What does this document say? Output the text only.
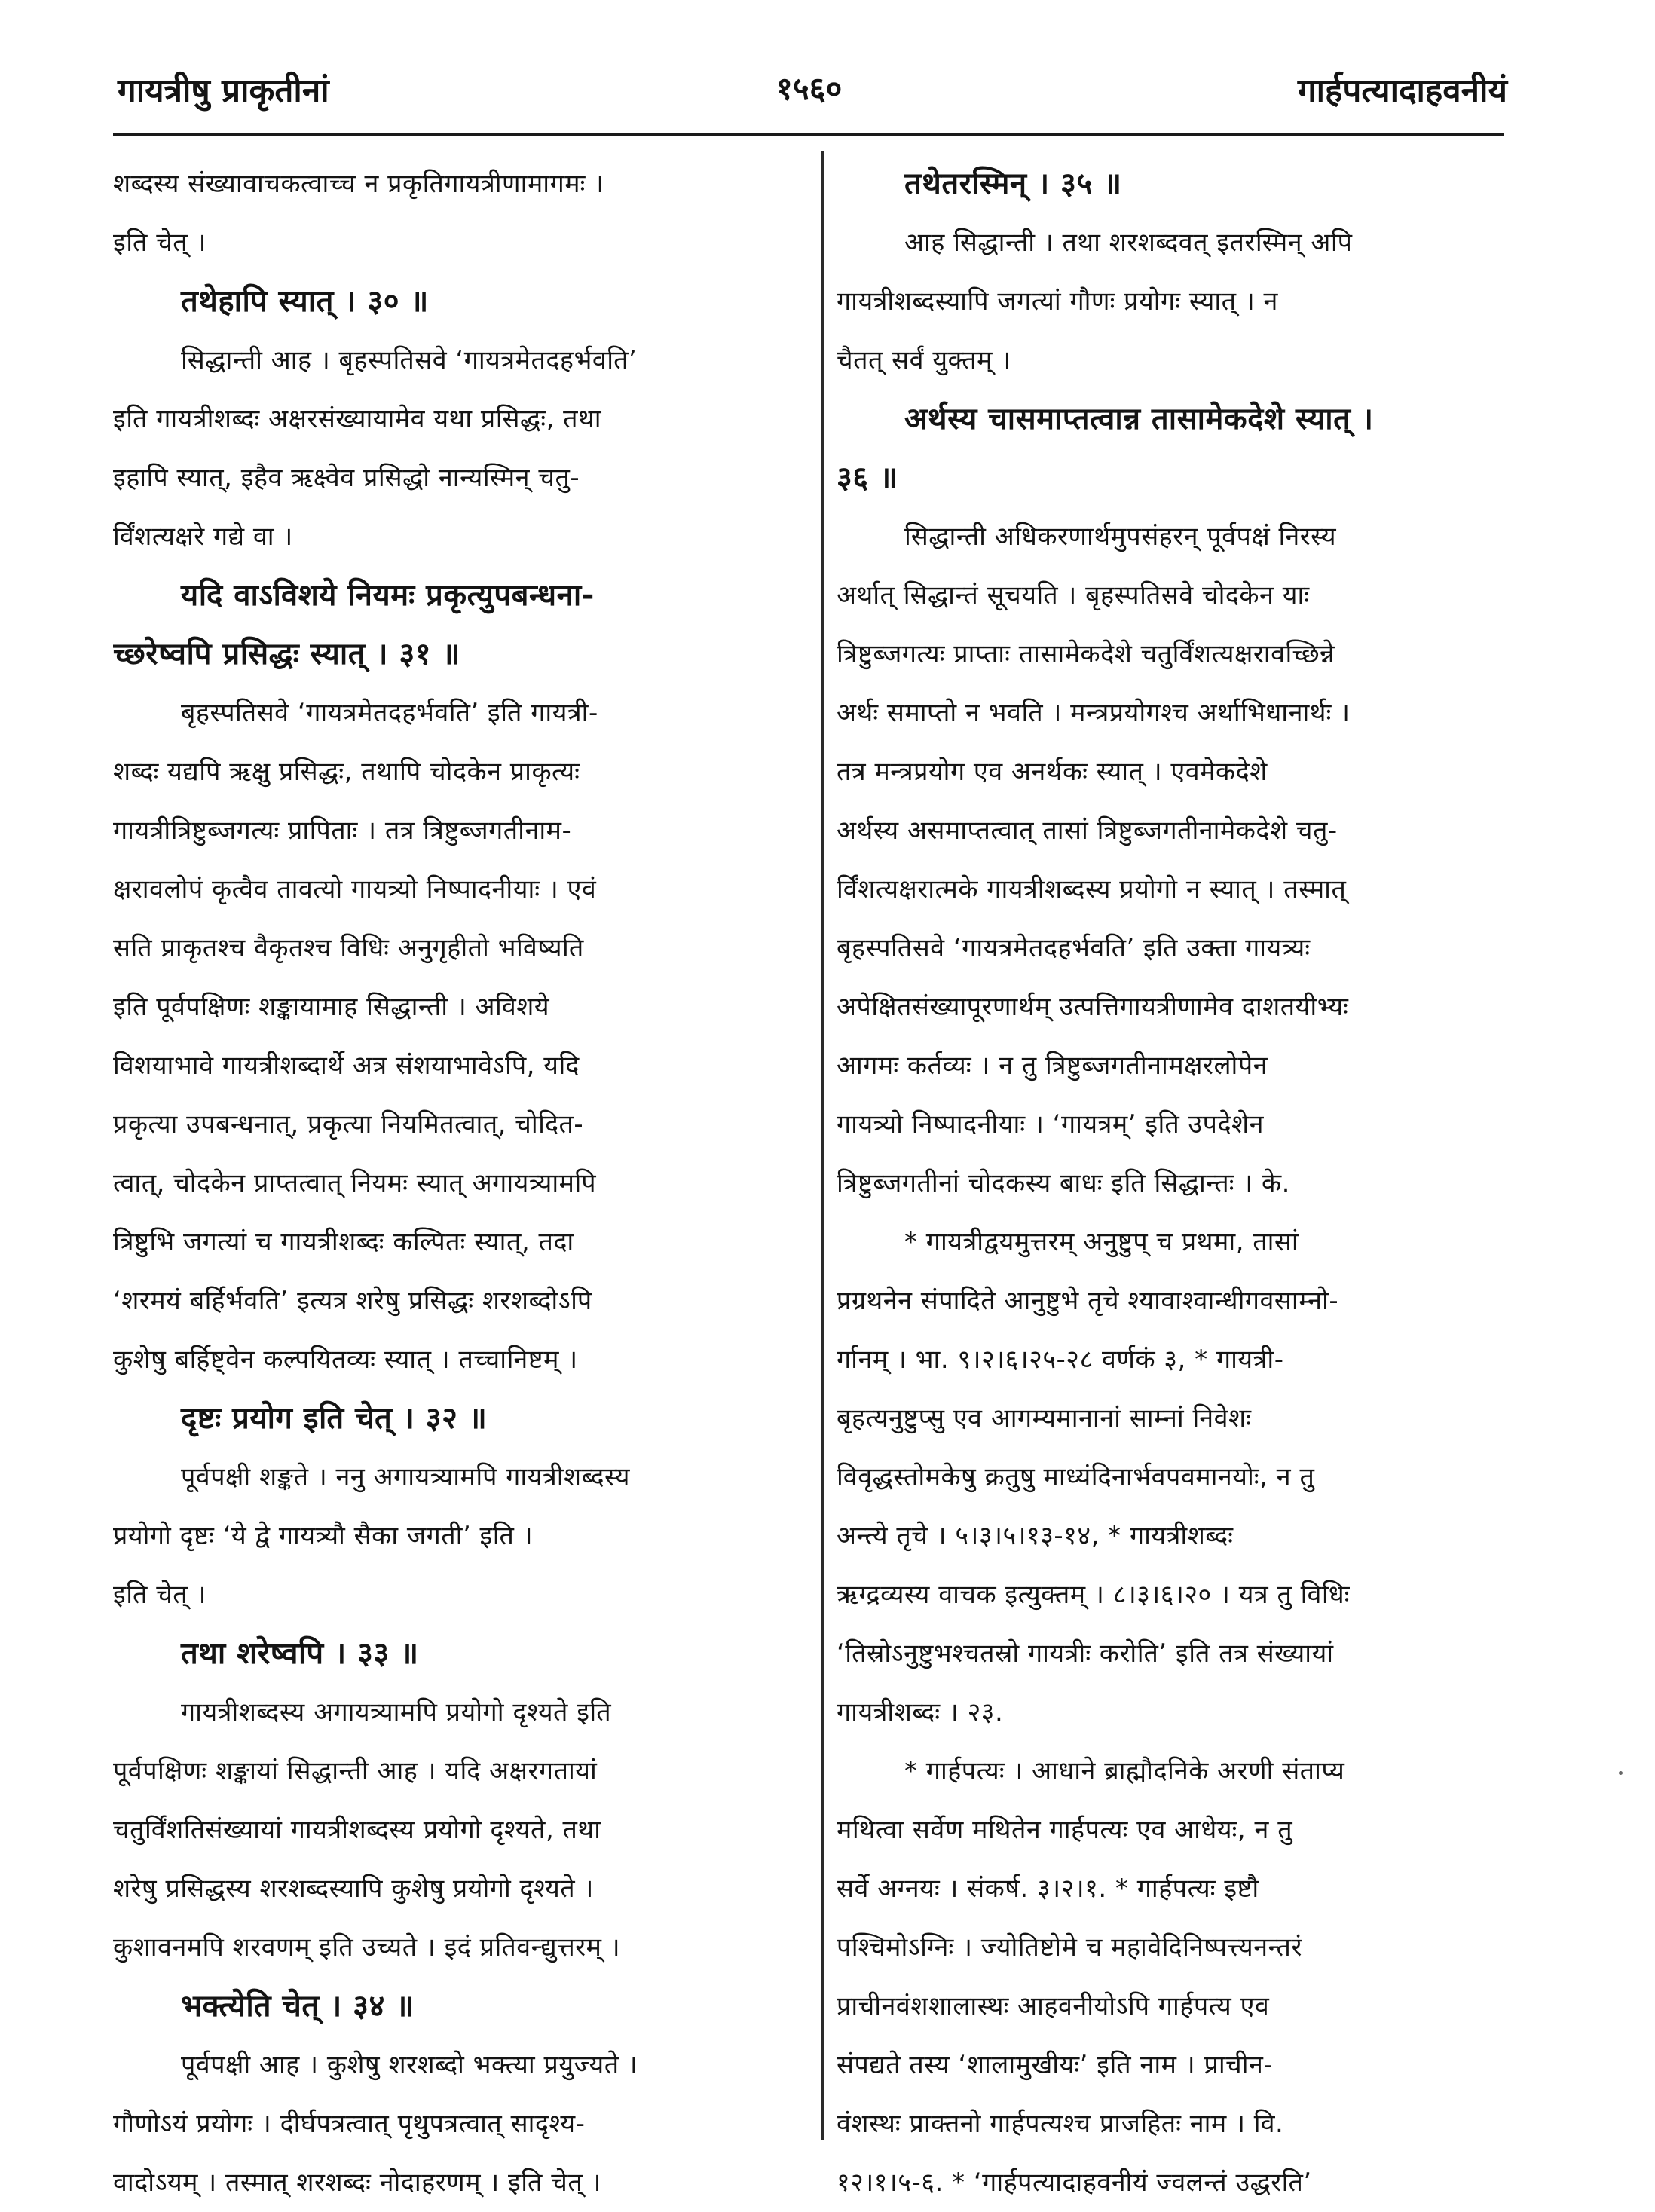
गायत्रीषु प्राकृतीनां	१५६०	गार्हपत्यादाहवनीयं
शब्दस्य संख्यावाचकत्वाच्च न प्रकृतिगायत्रीणामागमः ।
इति चेत् ।
तथेहापि स्यात् । ३० ॥
सिद्धान्ती आह । बृहस्पतिसवे ‘गायत्रमेतदहर्भवति’
इति गायत्रीशब्दः अक्षरसंख्यायामेव यथा प्रसिद्धः, तथा
इहापि स्यात्, इहैव ऋक्ष्वेव प्रसिद्धो नान्यस्मिन् चतु-
र्विंशत्यक्षरे गद्ये वा ।
यदि वाऽविशये नियमः प्रकृत्युपबन्धना-
च्छरेष्वपि प्रसिद्धः स्यात् । ३१ ॥
बृहस्पतिसवे ‘गायत्रमेतदहर्भवति’ इति गायत्री-
शब्दः यद्यपि ऋक्षु प्रसिद्धः, तथापि चोदकेन प्राकृत्यः
गायत्रीत्रिष्टुब्जगत्यः प्रापिताः । तत्र त्रिष्टुब्जगतीनाम-
क्षरावलोपं कृत्वैव तावत्यो गायत्र्यो निष्पादनीयाः । एवं
सति प्राकृतश्च वैकृतश्च विधिः अनुगृहीतो भविष्यति
इति पूर्वपक्षिणः शङ्कायामाह सिद्धान्ती । अविशये
विशयाभावे गायत्रीशब्दार्थे अत्र संशयाभावेऽपि, यदि
प्रकृत्या उपबन्धनात्, प्रकृत्या नियमितत्वात्, चोदित-
त्वात्, चोदकेन प्राप्तत्वात् नियमः स्यात् अगायत्र्यामपि
त्रिष्टुभि जगत्यां च गायत्रीशब्दः कल्पितः स्यात्, तदा
‘शरमयं बर्हिर्भवति’ इत्यत्र शरेषु प्रसिद्धः शरशब्दोऽपि
कुशेषु बर्हिष्ट्वेन कल्पयितव्यः स्यात् । तच्चानिष्टम् ।
दृष्टः प्रयोग इति चेत् । ३२ ॥
पूर्वपक्षी शङ्कते । ननु अगायत्र्यामपि गायत्रीशब्दस्य
प्रयोगो दृष्टः ‘ये द्वे गायत्र्यौ सैका जगती’ इति ।
इति चेत् ।
तथा शरेष्वपि । ३३ ॥
गायत्रीशब्दस्य अगायत्र्यामपि प्रयोगो दृश्यते इति
पूर्वपक्षिणः शङ्कायां सिद्धान्ती आह । यदि अक्षरगतायां
चतुर्विंशतिसंख्यायां गायत्रीशब्दस्य प्रयोगो दृश्यते, तथा
शरेषु प्रसिद्धस्य शरशब्दस्यापि कुशेषु प्रयोगो दृश्यते ।
कुशावनमपि शरवणम् इति उच्यते । इदं प्रतिवन्द्युत्तरम् ।
भक्त्येति चेत् । ३४ ॥
पूर्वपक्षी आह । कुशेषु शरशब्दो भक्त्या प्रयुज्यते ।
गौणोऽयं प्रयोगः । दीर्घपत्रत्वात् पृथुपत्रत्वात् सादृश्य-
वादोऽयम् । तस्मात् शरशब्दः नोदाहरणम् । इति चेत् ।
तथेतरस्मिन् । ३५ ॥
आह सिद्धान्ती । तथा शरशब्दवत् इतरस्मिन् अपि
गायत्रीशब्दस्यापि जगत्यां गौणः प्रयोगः स्यात् । न
चैतत् सर्वं युक्तम् ।
अर्थस्य चासमाप्तत्वान्न तासामेकदेशे स्यात् ।
३६ ॥
सिद्धान्ती अधिकरणार्थमुपसंहरन् पूर्वपक्षं निरस्य
अर्थात् सिद्धान्तं सूचयति । बृहस्पतिसवे चोदकेन याः
त्रिष्टुब्जगत्यः प्राप्ताः तासामेकदेशे चतुर्विंशत्यक्षरावच्छिन्ने
अर्थः समाप्तो न भवति । मन्त्रप्रयोगश्च अर्थाभिधानार्थः ।
तत्र मन्त्रप्रयोग एव अनर्थकः स्यात् । एवमेकदेशे
अर्थस्य असमाप्तत्वात् तासां त्रिष्टुब्जगतीनामेकदेशे चतु-
र्विंशत्यक्षरात्मके गायत्रीशब्दस्य प्रयोगो न स्यात् । तस्मात्
बृहस्पतिसवे ‘गायत्रमेतदहर्भवति’ इति उक्ता गायत्र्यः
अपेक्षितसंख्यापूरणार्थम् उत्पत्तिगायत्रीणामेव दाशतयीभ्यः
आगमः कर्तव्यः । न तु त्रिष्टुब्जगतीनामक्षरलोपेन
गायत्र्यो निष्पादनीयाः । ‘गायत्रम्’ इति उपदेशेन
त्रिष्टुब्जगतीनां चोदकस्य बाधः इति सिद्धान्तः । के.
* गायत्रीद्वयमुत्तरम् अनुष्टुप् च प्रथमा, तासां
प्रग्रथनेन संपादिते आनुष्टुभे तृचे श्यावाश्वान्धीगवसाम्नो-
र्गानम् । भा. ९।२।६।२५-२८ वर्णकं ३, * गायत्री-
बृहत्यनुष्टुप्सु एव आगम्यमानानां साम्नां निवेशः
विवृद्धस्तोमकेषु क्रतुषु माध्यंदिनार्भवपवमानयोः, न तु
अन्त्ये तृचे । ५।३।५।१३-१४, * गायत्रीशब्दः
ऋग्द्रव्यस्य वाचक इत्युक्तम् । ८।३।६।२० । यत्र तु विधिः
‘तिस्रोऽनुष्टुभश्चतस्रो गायत्रीः करोति’ इति तत्र संख्यायां
गायत्रीशब्दः । २३.
* गार्हपत्यः । आधाने ब्राह्मौदनिके अरणी संताप्य
मथित्वा सर्वेण मथितेन गार्हपत्यः एव आधेयः, न तु
सर्वे अग्नयः । संकर्ष. ३।२।१. * गार्हपत्यः इष्टौ
पश्चिमोऽग्निः । ज्योतिष्टोमे च महावेदिनिष्पत्त्यनन्तरं
प्राचीनवंशशालास्थः आहवनीयोऽपि गार्हपत्य एव
संपद्यते तस्य ‘शालामुखीयः’ इति नाम । प्राचीन-
वंशस्थः प्राक्तनो गार्हपत्यश्च प्राजहितः नाम । वि.
१२।१।५-६. * ‘गार्हपत्यादाहवनीयं ज्वलन्तं उद्धरति’
